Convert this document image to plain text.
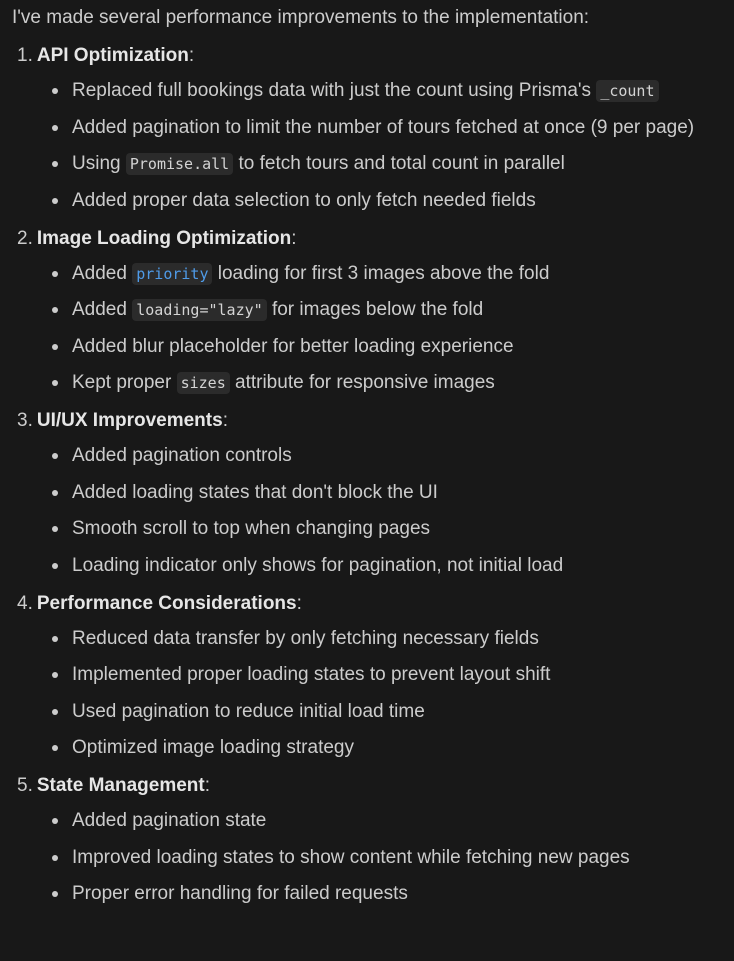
I've made several performance improvements to the implementation:

1. API Optimization:
Replaced full bookings data with just the count using Prisma's _count
Added pagination to limit the number of tours fetched at once (9 per page)
Using Promise.all to fetch tours and total count in parallel
Added proper data selection to only fetch needed fields
2. Image Loading Optimization:
Added priority loading for first 3 images above the fold
Added loading="lazy" for images below the fold
Added blur placeholder for better loading experience
Kept proper sizes attribute for responsive images
3. UI/UX Improvements:
Added pagination controls
Added loading states that don't block the UI
Smooth scroll to top when changing pages
Loading indicator only shows for pagination, not initial load
4. Performance Considerations:
Reduced data transfer by only fetching necessary fields
Implemented proper loading states to prevent layout shift
Used pagination to reduce initial load time
Optimized image loading strategy
5. State Management:
Added pagination state
Improved loading states to show content while fetching new pages
Proper error handling for failed requests
